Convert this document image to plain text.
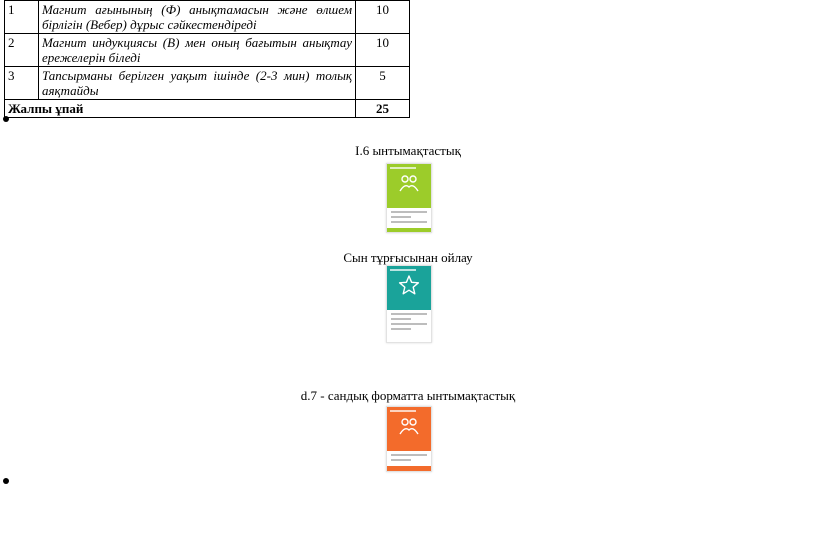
1	Магнит ағынының (Ф) анықтамасын және өлшем бірлігін (Вебер) дұрыс сәйкестендіреді	10
2	Магнит индукциясы (В) мен оның бағытын анықтау ережелерін біледі	10
3	Тапсырманы берілген уақыт ішінде (2-3 мин) толық аяқтайды	5
Жалпы ұпай		25
І.6 ынтымақтастық
Сын тұрғысынан ойлау
d.7 - сандық форматта ынтымақтастық
